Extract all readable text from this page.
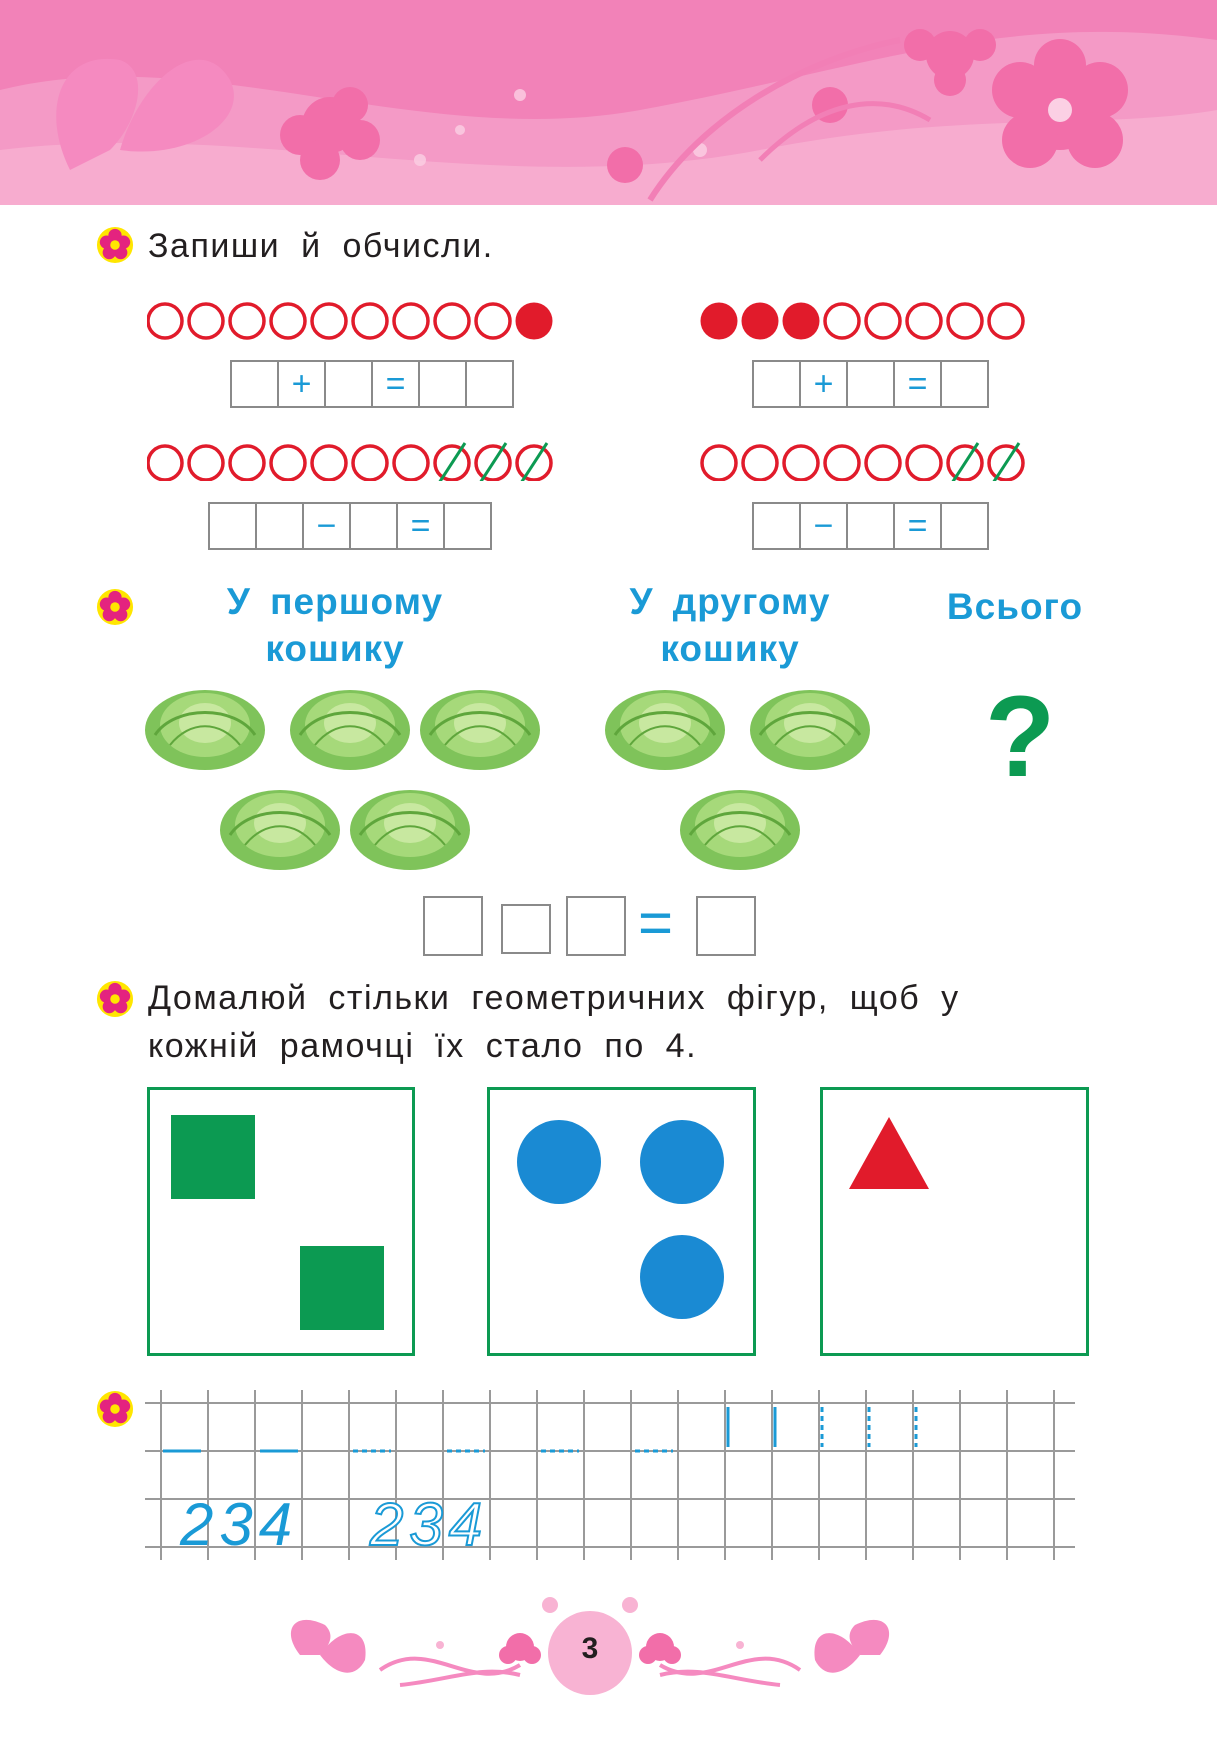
Запиши й обчисли.
+	=	+	=
−	=	−	=
У першому кошику
У другому кошику
Всього
?
=
Домалюй стільки геометричних фігур, щоб у кожній рамочці їх стало по 4.
234 234
3
